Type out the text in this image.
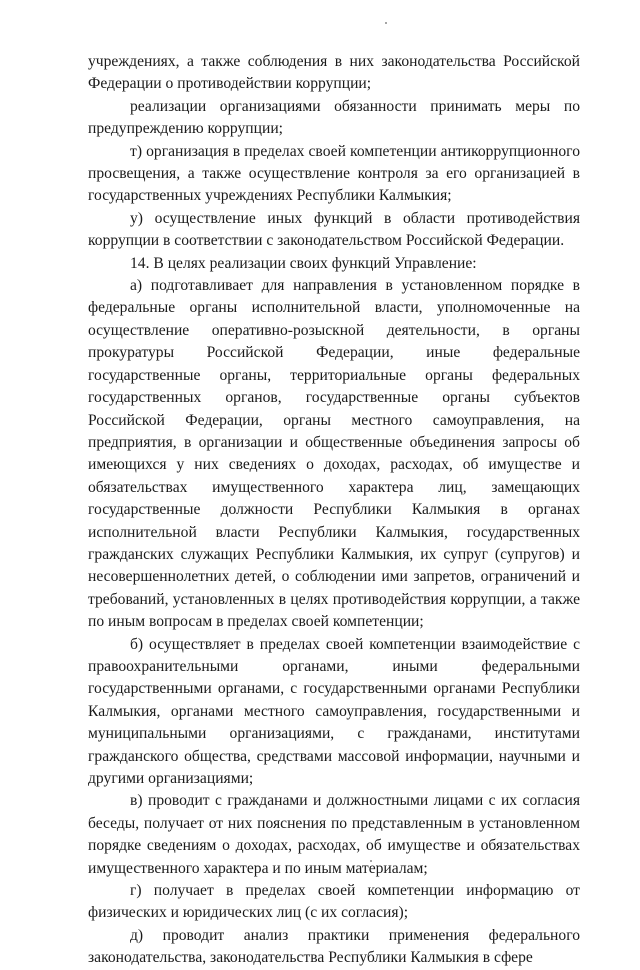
учреждениях, а также соблюдения в них законодательства Российской Федерации о противодействии коррупции;

реализации организациями обязанности принимать меры по предупреждению коррупции;

т) организация в пределах своей компетенции антикоррупционного просвещения, а также осуществление контроля за его организацией в государственных учреждениях Республики Калмыкия;

у) осуществление иных функций в области противодействия коррупции в соответствии с законодательством Российской Федерации.

14. В целях реализации своих функций Управление:

а) подготавливает для направления в установленном порядке в федеральные органы исполнительной власти, уполномоченные на осуществление оперативно-розыскной деятельности, в органы прокуратуры Российской Федерации, иные федеральные государственные органы, территориальные органы федеральных государственных органов, государственные органы субъектов Российской Федерации, органы местного самоуправления, на предприятия, в организации и общественные объединения запросы об имеющихся у них сведениях о доходах, расходах, об имуществе и обязательствах имущественного характера лиц, замещающих государственные должности Республики Калмыкия в органах исполнительной власти Республики Калмыкия, государственных гражданских служащих Республики Калмыкия, их супруг (супругов) и несовершеннолетних детей, о соблюдении ими запретов, ограничений и требований, установленных в целях противодействия коррупции, а также по иным вопросам в пределах своей компетенции;

б) осуществляет в пределах своей компетенции взаимодействие с правоохранительными органами, иными федеральными государственными органами, с государственными органами Республики Калмыкия, органами местного самоуправления, государственными и муниципальными организациями, с гражданами, институтами гражданского общества, средствами массовой информации, научными и другими организациями;

в) проводит с гражданами и должностными лицами с их согласия беседы, получает от них пояснения по представленным в установленном порядке сведениям о доходах, расходах, об имуществе и обязательствах имущественного характера и по иным материалам;

г) получает в пределах своей компетенции информацию от физических и юридических лиц (с их согласия);

д) проводит анализ практики применения федерального законодательства, законодательства Республики Калмыкия в сфере
